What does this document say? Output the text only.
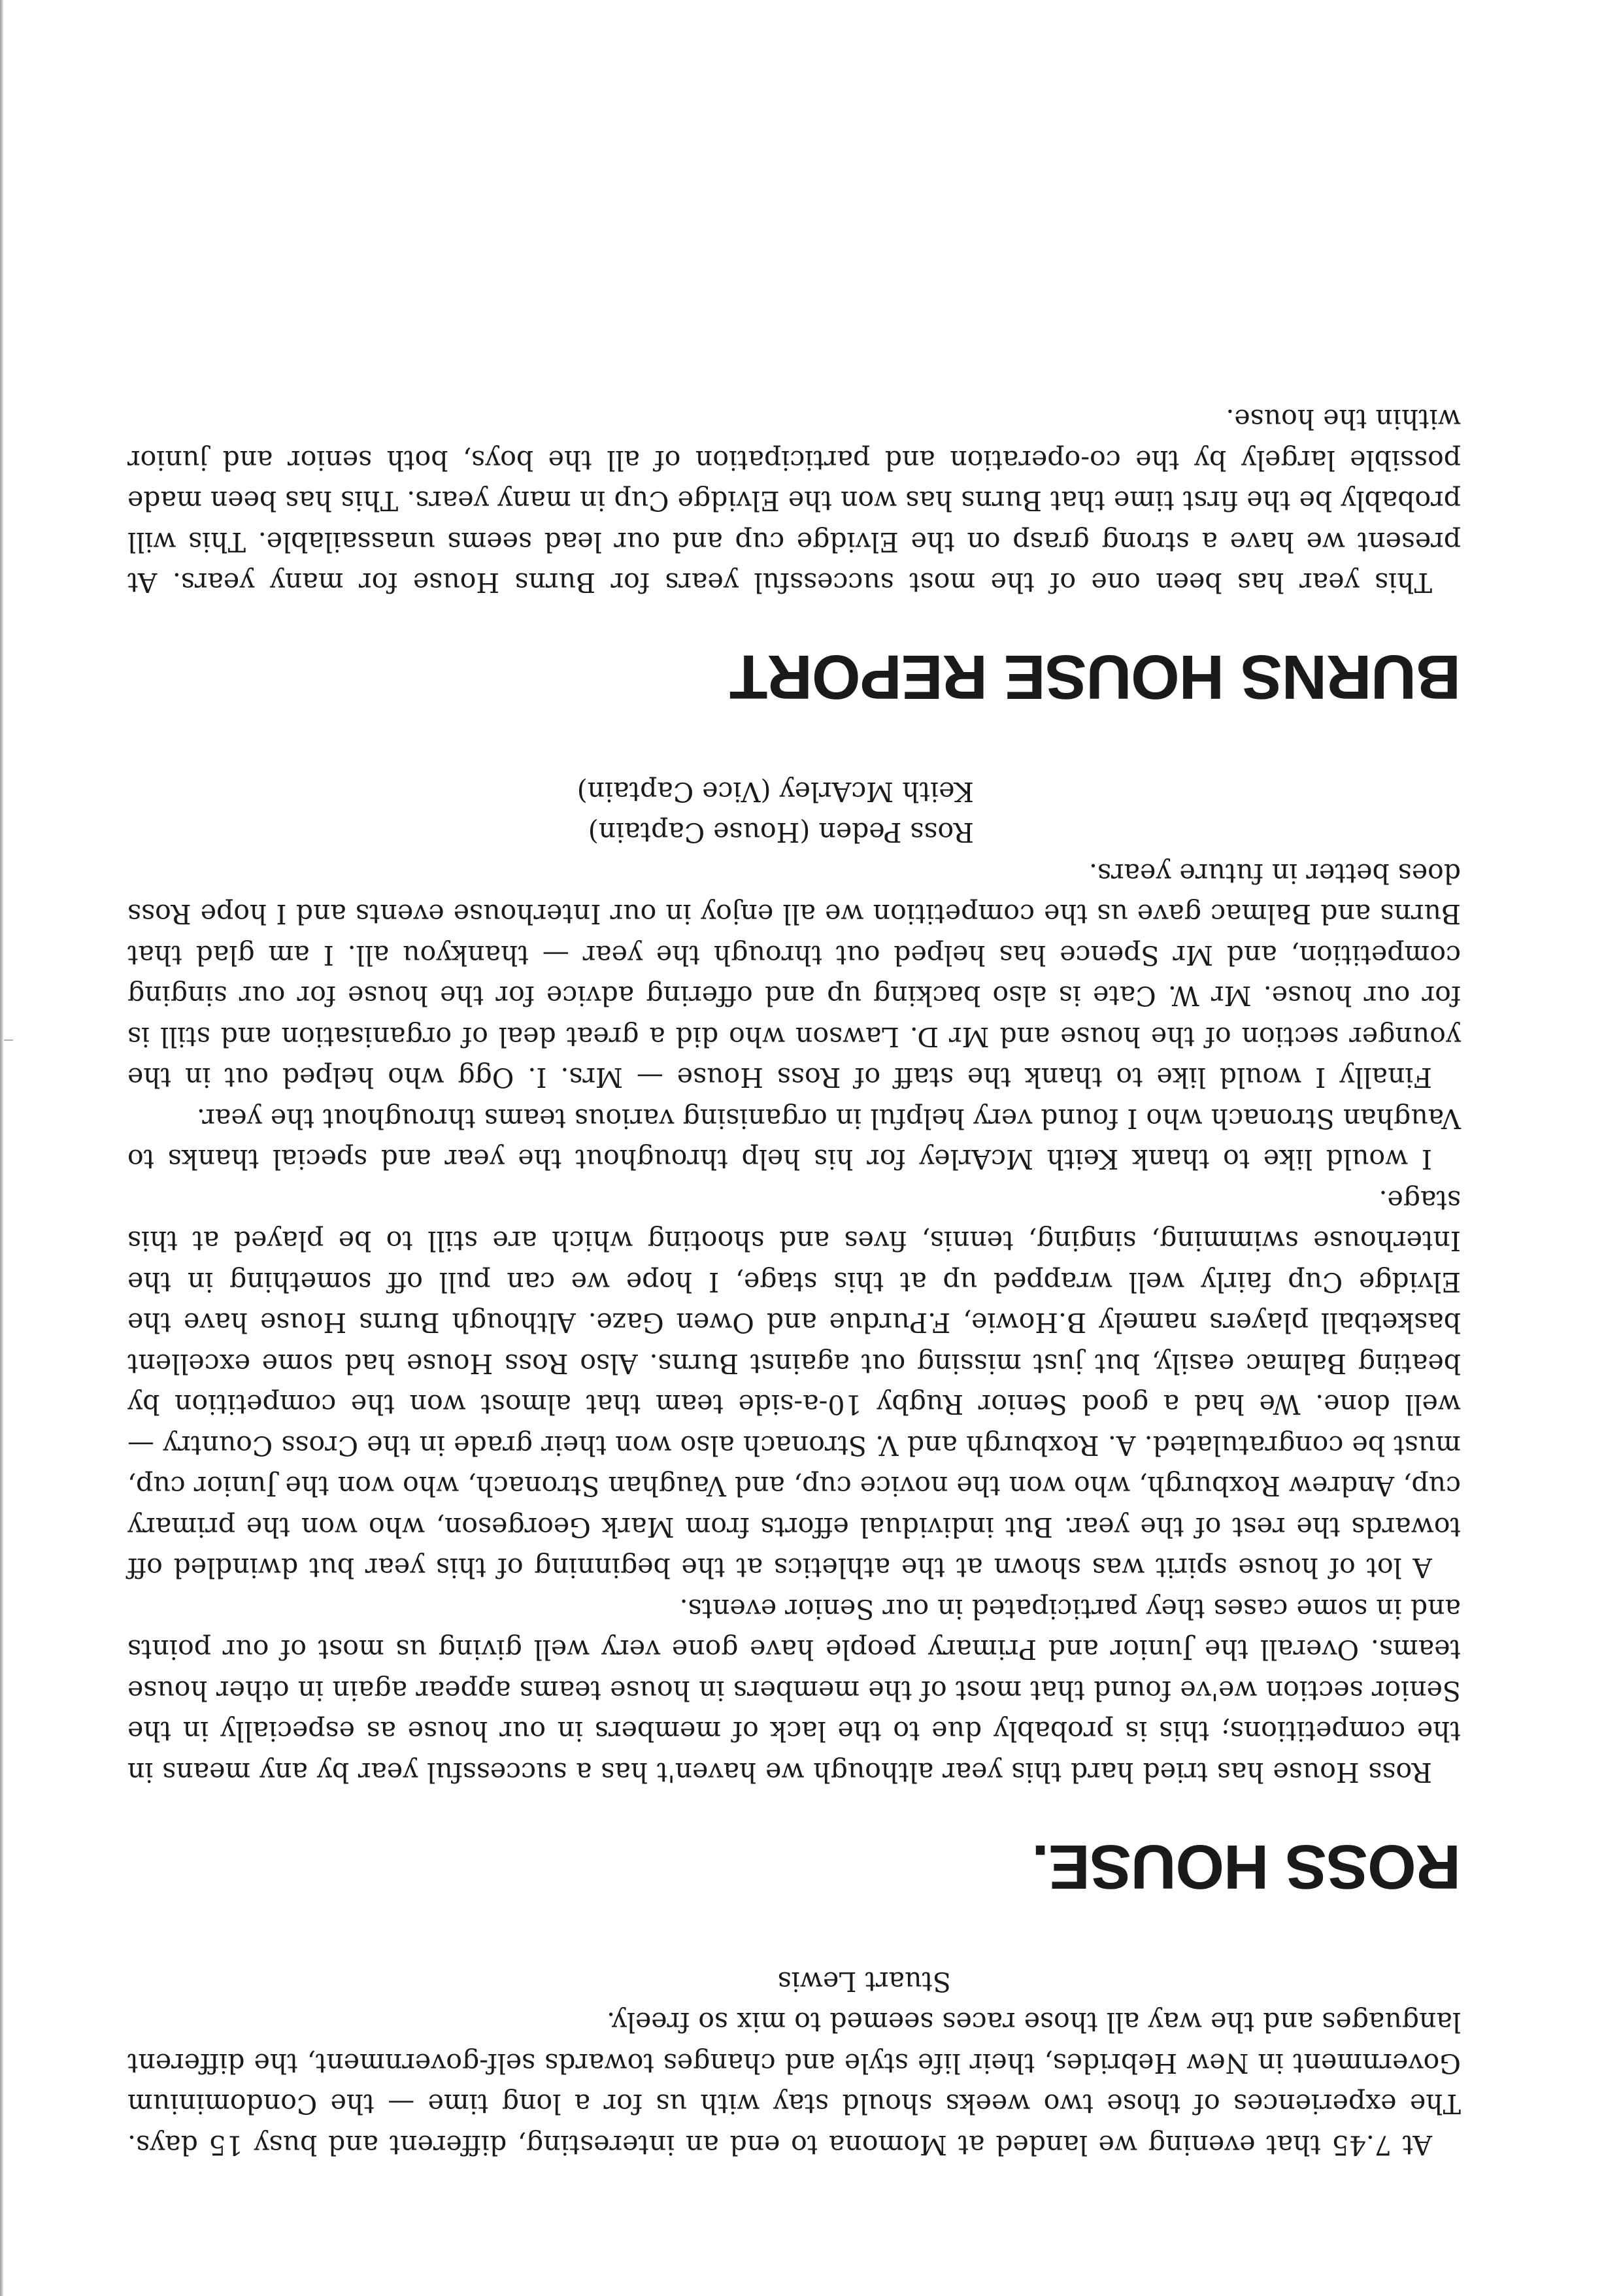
At 7.45 that evening we landed at Momona to end an interesting, different and busy 15 days. The experiences of those two weeks should stay with us for a long time — the Condominium Government in New Hebrides, their life style and changes towards self-government, the different languages and the way all those races seemed to mix so freely.

Stuart Lewis

ROSS HOUSE.

Ross House has tried hard this year although we haven't has a successful year by any means in the competitions; this is probably due to the lack of members in our house as especially in the Senior section we've found that most of the members in house teams appear again in other house teams. Overall the Junior and Primary people have gone very well giving us most of our points and in some cases they participated in our Senior events.

A lot of house spirit was shown at the athletics at the beginning of this year but dwindled off towards the rest of the year. But individual efforts from Mark Georgeson, who won the primary cup, Andrew Roxburgh, who won the novice cup, and Vaughan Stronach, who won the Junior cup, must be congratulated. A. Roxburgh and V. Stronach also won their grade in the Cross Country — well done. We had a good Senior Rugby 10-a-side team that almost won the competition by beating Balmac easily, but just missing out against Burns. Also Ross House had some excellent basketball players namely B.Howie, F.Purdue and Owen Gaze. Although Burns House have the Elvidge Cup fairly well wrapped up at this stage, I hope we can pull off something in the Interhouse swimming, singing, tennis, fives and shooting which are still to be played at this stage.

I would like to thank Keith McArley for his help throughout the year and special thanks to Vaughan Stronach who I found very helpful in organising various teams throughout the year.

Finally I would like to thank the staff of Ross House — Mrs. I. Ogg who helped out in the younger section of the house and Mr D. Lawson who did a great deal of organisation and still is for our house. Mr W. Cate is also backing up and offering advice for the house for our singing competition, and Mr Spence has helped out through the year — thankyou all. I am glad that Burns and Balmac gave us the competition we all enjoy in our Interhouse events and I hope Ross does better in future years.

Ross Peden (House Captain)

Keith McArley (Vice Captain)

BURNS HOUSE REPORT

This year has been one of the most successful years for Burns House for many years. At present we have a strong grasp on the Elvidge cup and our lead seems unassailable. This will probably be the first time that Burns has won the Elvidge Cup in many years. This has been made possible largely by the co-operation and participation of all the boys, both senior and junior within the house.
